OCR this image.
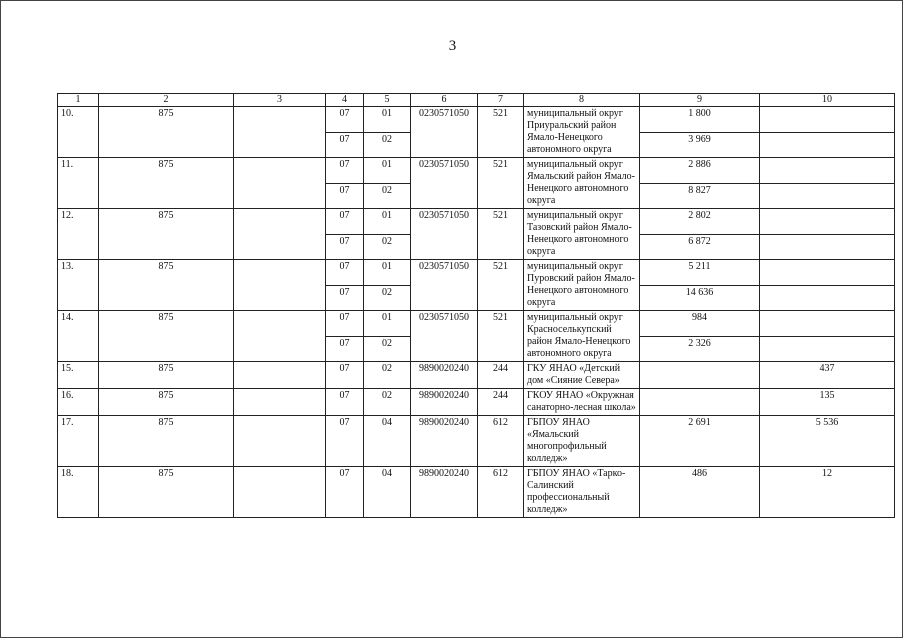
3
1	2	3	4	5	6	7	8	9	10
10.	875		07	01	0230571050	521	муниципальный округ Приуральский район Ямало-Ненецкого автономного округа	1 800	
			07	02				3 969	
11.	875		07	01	0230571050	521	муниципальный округ Ямальский район Ямало-Ненецкого автономного округа	2 886	
			07	02				8 827	
12.	875		07	01	0230571050	521	муниципальный округ Тазовский район Ямало-Ненецкого автономного округа	2 802	
			07	02				6 872	
13.	875		07	01	0230571050	521	муниципальный округ Пуровский район Ямало-Ненецкого автономного округа	5 211	
			07	02				14 636	
14.	875		07	01	0230571050	521	муниципальный округ Красноселькупский район Ямало-Ненецкого автономного округа	984	
			07	02				2 326	
15.	875		07	02	9890020240	244	ГКУ ЯНАО «Детский дом «Сияние Севера»		437
16.	875		07	02	9890020240	244	ГКОУ ЯНАО «Окружная санаторно-лесная школа»		135
17.	875		07	04	9890020240	612	ГБПОУ ЯНАО «Ямальский многопрофильный колледж»	2 691	5 536
18.	875		07	04	9890020240	612	ГБПОУ ЯНАО «Тарко-Салинский профессиональный колледж»	486	12
